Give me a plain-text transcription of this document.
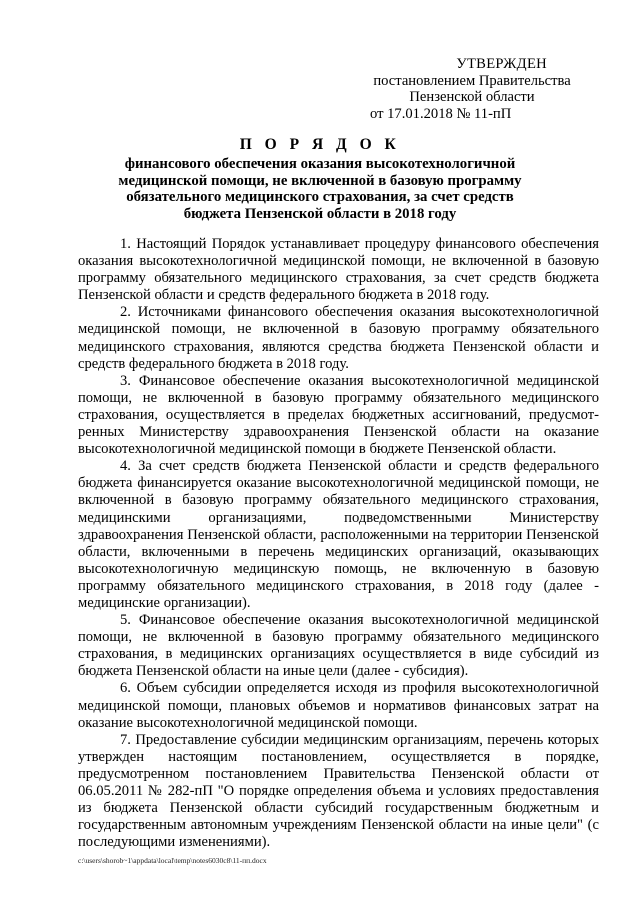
УТВЕРЖДЕН
постановлением Правительства
Пензенской области
от 17.01.2018 № 11-пП
П О Р Я Д О К
финансового обеспечения оказания высокотехнологичной
медицинской помощи, не включенной в базовую программу
обязательного медицинского страхования, за счет средств
бюджета Пензенской области в 2018 году

1. Настоящий Порядок устанавливает процедуру финансового обеспечения оказания высокотехнологичной медицинской помощи, не включенной в базовую программу обязательного медицинского страхования, за счет средств бюджета Пензенской области и средств федерального бюджета в 2018 году.

2. Источниками финансового обеспечения оказания высокотехнологичной медицинской помощи, не включенной в базовую программу обязательного медицинского страхования, являются средства бюджета Пензенской области и средств федерального бюджета в 2018 году.

3. Финансовое обеспечение оказания высокотехнологичной медицинской помощи, не включенной в базовую программу обязательного медицинского страхования, осуществляется в пределах бюджетных ассигнований, предусмот-ренных Министерству здравоохранения Пензенской области на оказание высокотехнологичной медицинской помощи в бюджете Пензенской области.

4. За счет средств бюджета Пензенской области и средств федерального бюджета финансируется оказание высокотехнологичной медицинской помощи, не включенной в базовую программу обязательного медицинского страхования, медицинскими организациями, подведомственными Министерству здравоохранения Пензенской области, расположенными на территории Пензенской области, включенными в перечень медицинских организаций, оказывающих высокотехнологичную медицинскую помощь, не включенную в базовую программу обязательного медицинского страхования, в 2018 году (далее - медицинские организации).

5. Финансовое обеспечение оказания высокотехнологичной медицинской помощи, не включенной в базовую программу обязательного медицинского страхования, в медицинских организациях осуществляется в виде субсидий из бюджета Пензенской области на иные цели (далее - субсидия).

6. Объем субсидии определяется исходя из профиля высокотехнологичной медицинской помощи, плановых объемов и нормативов финансовых затрат на оказание высокотехнологичной медицинской помощи.

7. Предоставление субсидии медицинским организациям, перечень которых утвержден настоящим постановлением, осуществляется в порядке, предусмотренном постановлением Правительства Пензенской области от 06.05.2011 № 282-пП "О порядке определения объема и условиях предоставления из бюджета Пензенской области субсидий государственным бюджетным и государственным автономным учреждениям Пензенской области на иные цели" (с последующими изменениями).

c:\users\shorob~1\appdata\local\temp\notes6030c8\11-пп.docx
